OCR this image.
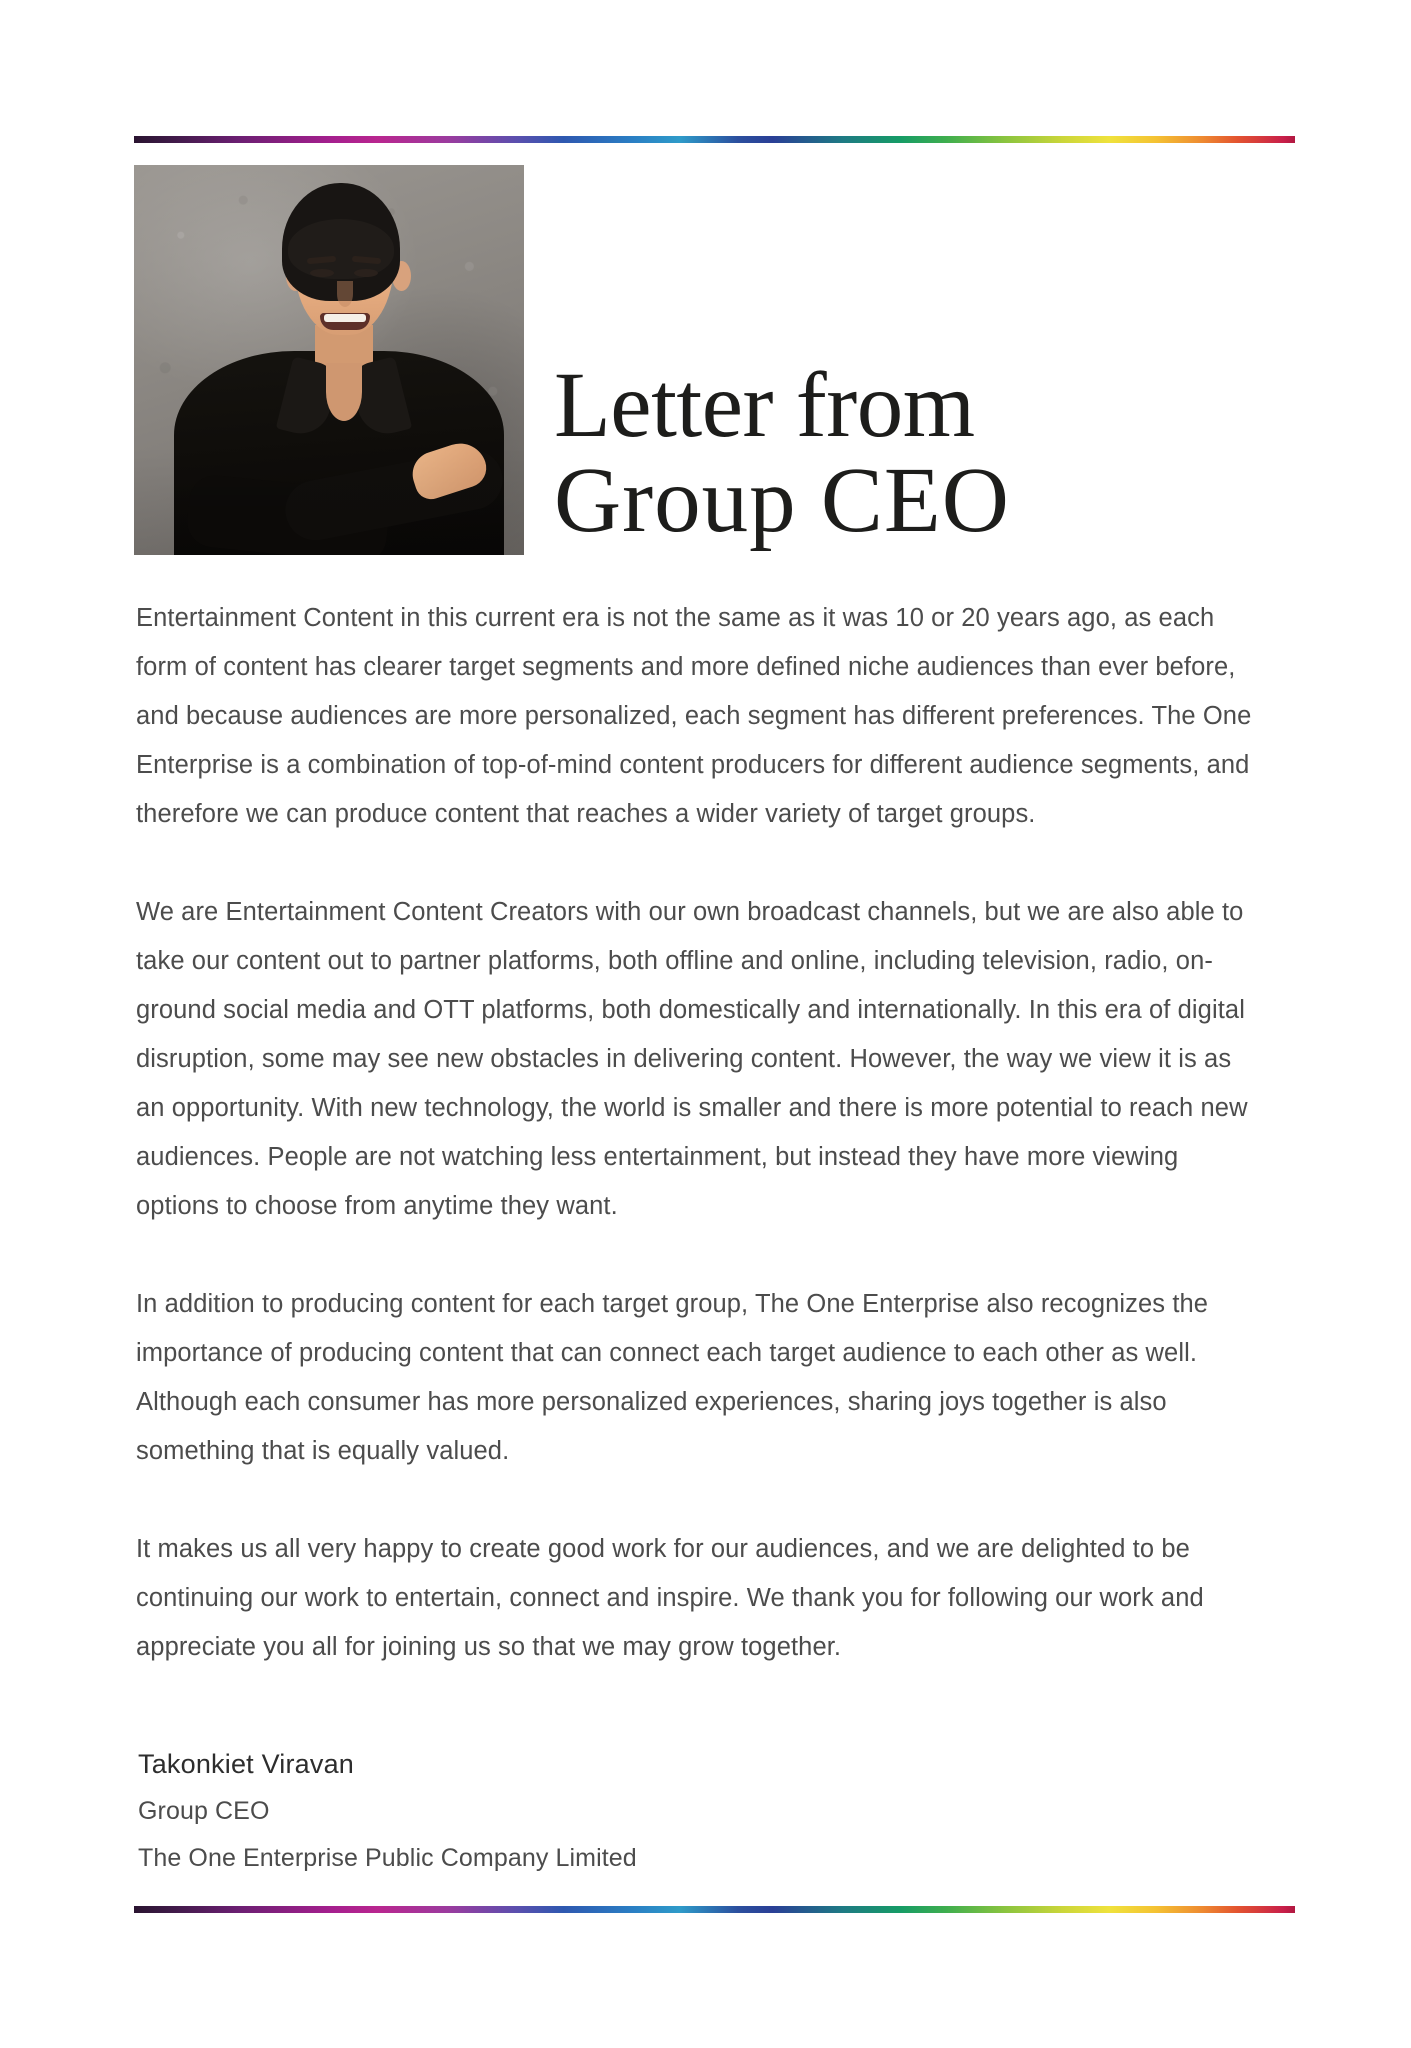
Letter from
Group CEO

Entertainment Content in this current era is not the same as it was 10 or 20 years ago, as each form of content has clearer target segments and more defined niche audiences than ever before, and because audiences are more personalized, each segment has different preferences. The One Enterprise is a combination of top-of-mind content producers for different audience segments, and therefore we can produce content that reaches a wider variety of target groups.

We are Entertainment Content Creators with our own broadcast channels, but we are also able to take our content out to partner platforms, both offline and online, including television, radio, on-ground social media and OTT platforms, both domestically and internationally. In this era of digital disruption, some may see new obstacles in delivering content. However, the way we view it is as an opportunity. With new technology, the world is smaller and there is more potential to reach new audiences. People are not watching less entertainment, but instead they have more viewing options to choose from anytime they want.

In addition to producing content for each target group, The One Enterprise also recognizes the importance of producing content that can connect each target audience to each other as well. Although each consumer has more personalized experiences, sharing joys together is also something that is equally valued.

It makes us all very happy to create good work for our audiences, and we are delighted to be continuing our work to entertain, connect and inspire. We thank you for following our work and appreciate you all for joining us so that we may grow together.

Takonkiet Viravan
Group CEO
The One Enterprise Public Company Limited
